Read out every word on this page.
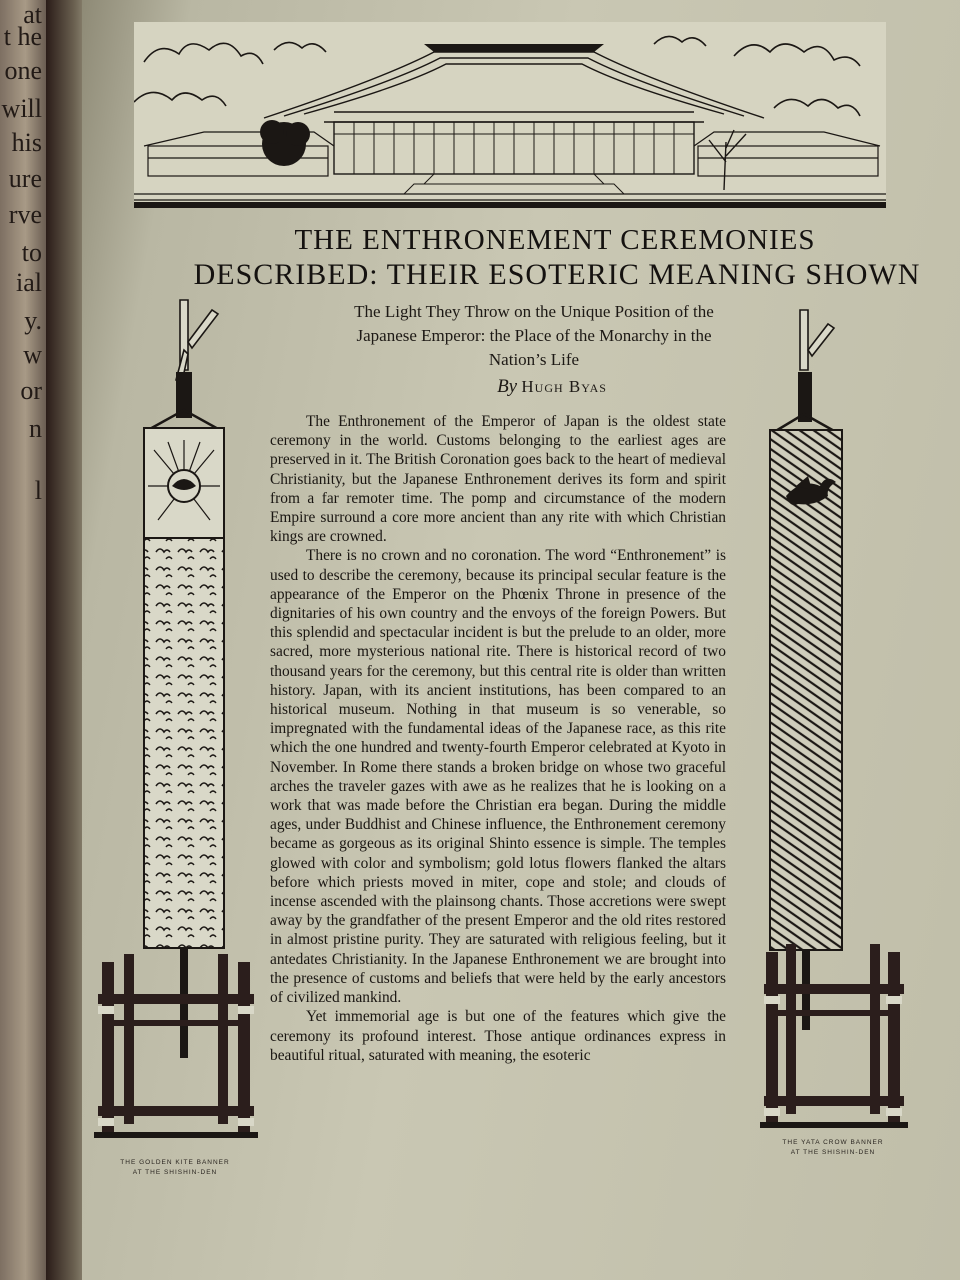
at
t he
one
will
his
ure
rve
to
ial
y.
w
or
n
l
THE ENTHRONEMENT CEREMONIES
DESCRIBED: THEIR ESOTERIC MEANING SHOWN
The Light They Throw on the Unique Position of the Japanese Emperor: the Place of the Monarchy in the Nation’s Life
By Hugh Byas

The Enthronement of the Emperor of Japan is the oldest state ceremony in the world. Customs belonging to the earliest ages are preserved in it. The British Coronation goes back to the heart of medieval Christianity, but the Japanese Enthronement derives its form and spirit from a far remoter time. The pomp and circumstance of the modern Empire surround a core more ancient than any rite with which Christian kings are crowned.

There is no crown and no coronation. The word “Enthronement” is used to describe the ceremony, because its principal secular feature is the appearance of the Emperor on the Phœnix Throne in presence of the dignitaries of his own country and the envoys of the foreign Powers. But this splendid and spectacular incident is but the prelude to an older, more sacred, more mysterious national rite. There is historical record of two thousand years for the ceremony, but this central rite is older than written history. Japan, with its ancient institutions, has been compared to an historical museum. Nothing in that museum is so venerable, so impregnated with the fundamental ideas of the Japanese race, as this rite which the one hundred and twenty-fourth Emperor celebrated at Kyoto in November. In Rome there stands a broken bridge on whose two graceful arches the traveler gazes with awe as he realizes that he is looking on a work that was made before the Christian era began. During the middle ages, under Buddhist and Chinese influence, the Enthronement ceremony became as gorgeous as its original Shinto essence is simple. The temples glowed with color and symbolism; gold lotus flowers flanked the altars before which priests moved in miter, cope and stole; and clouds of incense ascended with the plainsong chants. Those accretions were swept away by the grandfather of the present Emperor and the old rites restored in almost pristine purity. They are saturated with religious feeling, but it antedates Christianity. In the Japanese Enthronement we are brought into the presence of customs and beliefs that were held by the early ancestors of civilized mankind.

Yet immemorial age is but one of the features which give the ceremony its profound interest. Those antique ordinances express in beautiful ritual, saturated with meaning, the esoteric

THE GOLDEN KITE BANNER
AT THE SHISHIN-DEN
THE YATA CROW BANNER
AT THE SHISHIN-DEN
